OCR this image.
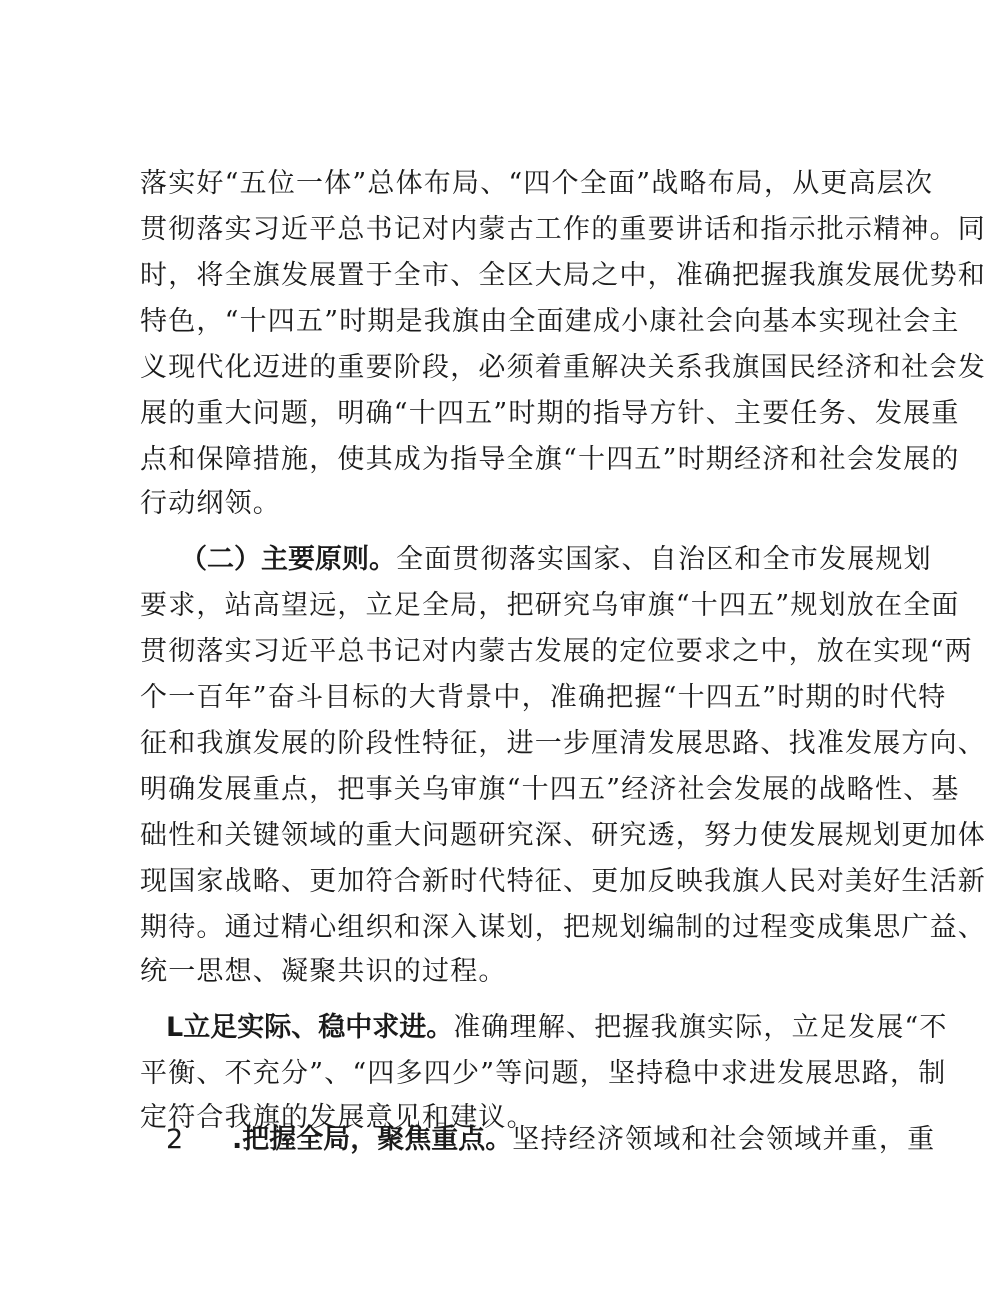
落实好“五位一体”总体布局、“四个全面”战略布局，从更高层次
贯彻落实习近平总书记对内蒙古工作的重要讲话和指示批示精神。同
时，将全旗发展置于全市、全区大局之中，准确把握我旗发展优势和
特色，“十四五”时期是我旗由全面建成小康社会向基本实现社会主
义现代化迈进的重要阶段，必须着重解决关系我旗国民经济和社会发
展的重大问题，明确“十四五”时期的指导方针、主要任务、发展重
点和保障措施，使其成为指导全旗“十四五”时期经济和社会发展的
行动纲领。
（二）主要原则。 全面贯彻落实国家、自治区和全市发展规划
要求，站高望远，立足全局，把研究乌审旗“十四五”规划放在全面
贯彻落实习近平总书记对内蒙古发展的定位要求之中，放在实现“两
个一百年”奋斗目标的大背景中，准确把握“十四五”时期的时代特
征和我旗发展的阶段性特征，进一步厘清发展思路、找准发展方向、
明确发展重点，把事关乌审旗“十四五”经济社会发展的战略性、基
础性和关键领域的重大问题研究深、研究透，努力使发展规划更加体
现国家战略、更加符合新时代特征、更加反映我旗人民对美好生活新
期待。通过精心组织和深入谋划，把规划编制的过程变成集思广益、
统一思想、凝聚共识的过程。
L立足实际、稳中求进。 准确理解、把握我旗实际，立足发展“不
平衡、不充分”、“四多四少”等问题，坚持稳中求进发展思路，制
定符合我旗的发展意见和建议。
2 .把握全局，聚焦重点。 坚持经济领域和社会领域并重，重
